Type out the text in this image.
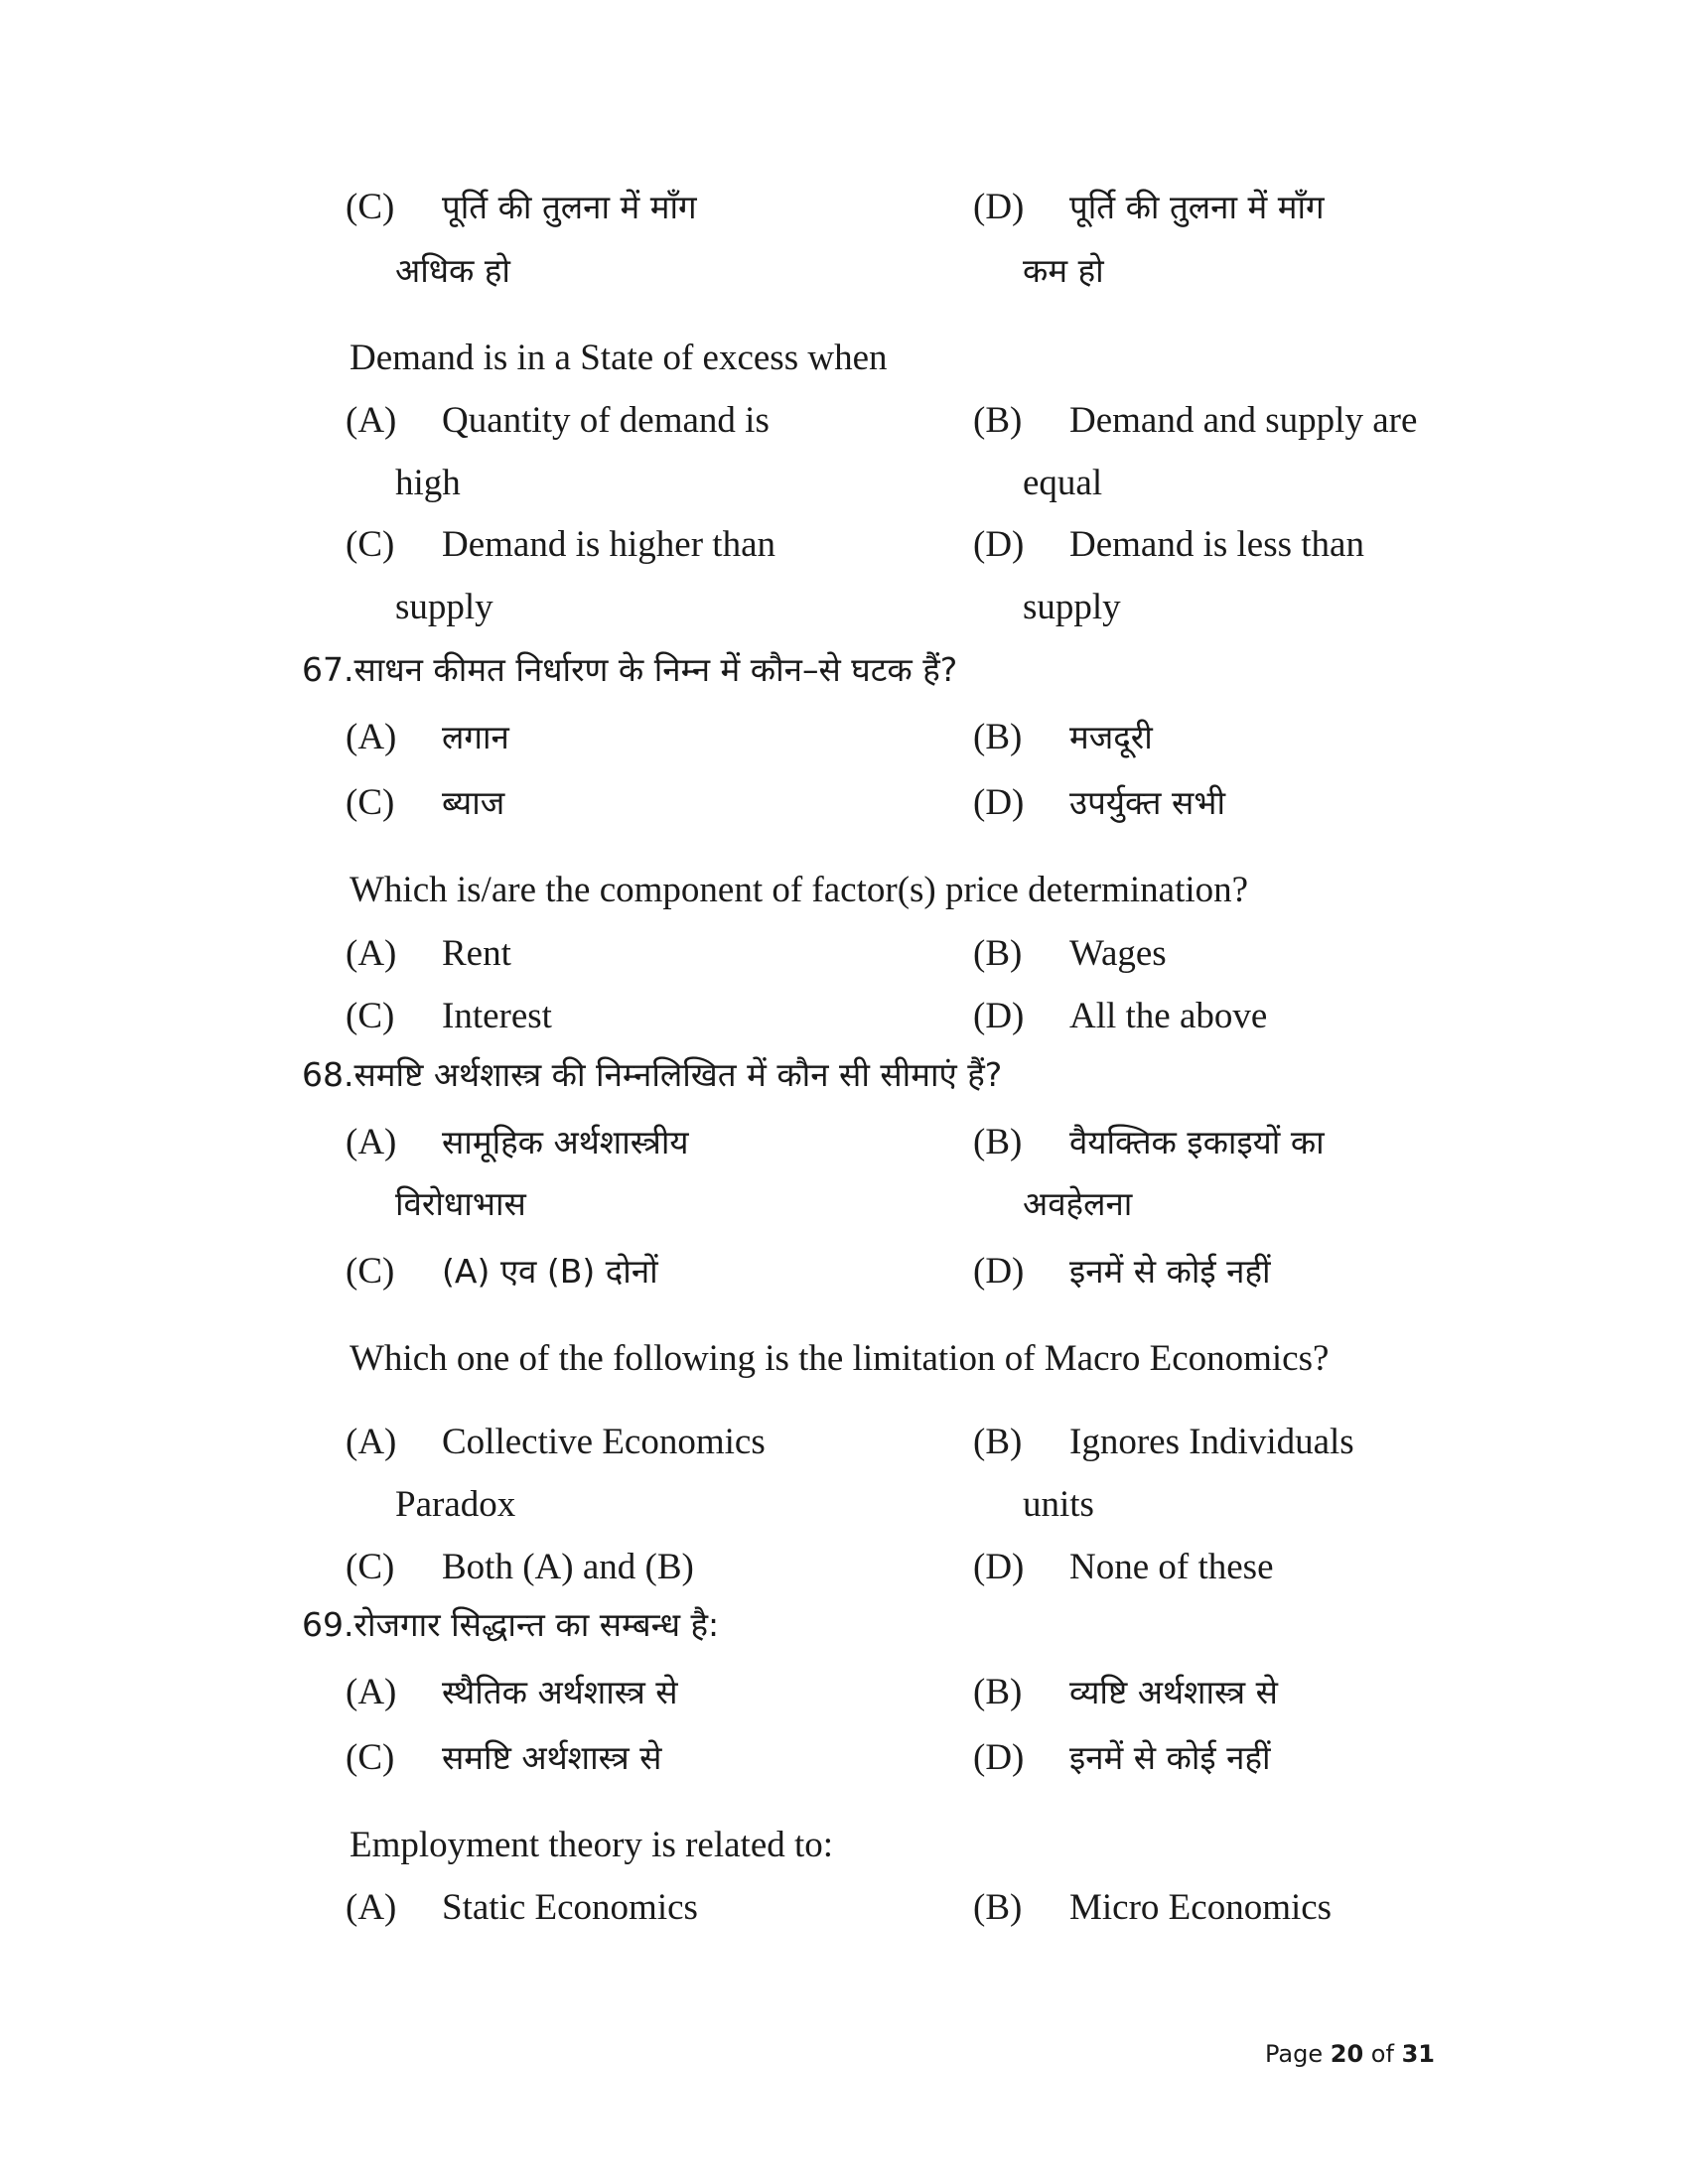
(C) पूर्ति की तुलना में माँग	(D) पूर्ति की तुलना में माँग
अधिक हो	कम हो
Demand is in a State of excess when
(A) Quantity of demand is	(B) Demand and supply are
high	equal
(C) Demand is higher than	(D) Demand is less than
supply	supply
67.साधन कीमत निर्धारण के निम्न में कौन–से घटक हैं?
(A) लगान	(B) मजदूरी
(C) ब्याज	(D) उपर्युक्त सभी
Which is/are the component of factor(s) price determination?
(A) Rent	(B) Wages
(C) Interest	(D) All the above
68.समष्टि अर्थशास्त्र की निम्नलिखित में कौन सी सीमाएं हैं?
(A) सामूहिक अर्थशास्त्रीय	(B) वैयक्तिक इकाइयों का
विरोधाभास	अवहेलना
(C) (A) एव (B) दोनों	(D) इनमें से कोई नहीं
Which one of the following is the limitation of Macro Economics?
(A) Collective Economics	(B) Ignores Individuals
Paradox	units
(C) Both (A) and (B)	(D) None of these
69.रोजगार सिद्धान्त का सम्बन्ध है:
(A) स्थैतिक अर्थशास्त्र से	(B) व्यष्टि अर्थशास्त्र से
(C) समष्टि अर्थशास्त्र से	(D) इनमें से कोई नहीं
Employment theory is related to:
(A) Static Economics	(B) Micro Economics
Page 20 of 31
